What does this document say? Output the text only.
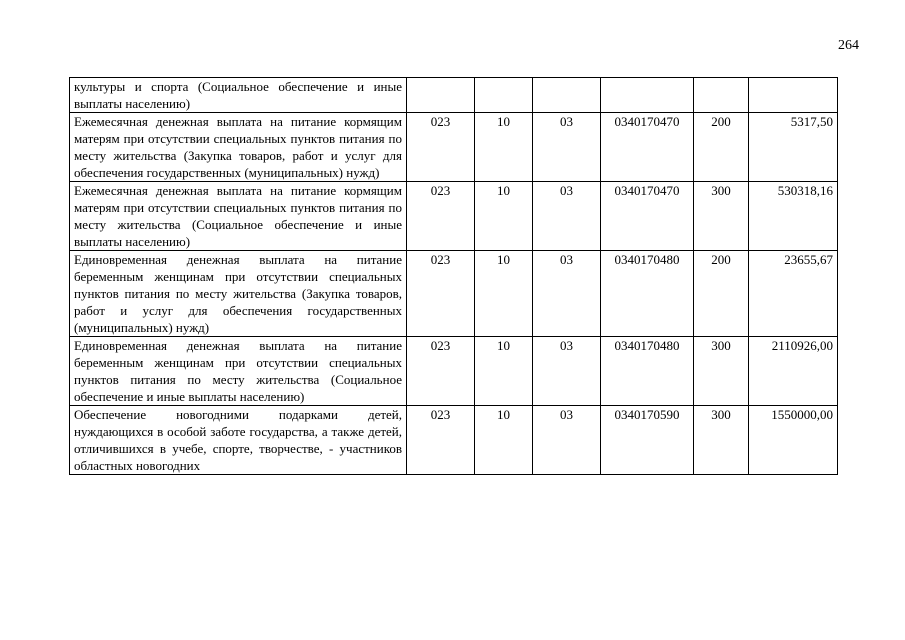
264
культуры и спорта (Социальное обеспечение и иные выплаты населению)						
Ежемесячная денежная выплата на питание кормящим матерям при отсутствии специальных пунктов питания по месту жительства (Закупка товаров, работ и услуг для обеспечения государственных (муниципальных) нужд)	023	10	03	0340170470	200	5317,50
Ежемесячная денежная выплата на питание кормящим матерям при отсутствии специальных пунктов питания по месту жительства (Социальное обеспечение и иные выплаты населению)	023	10	03	0340170470	300	530318,16
Единовременная денежная выплата на питание беременным женщинам при отсутствии специальных пунктов питания по месту жительства (Закупка товаров, работ и услуг для обеспечения государственных (муниципальных) нужд)	023	10	03	0340170480	200	23655,67
Единовременная денежная выплата на питание беременным женщинам при отсутствии специальных пунктов питания по месту жительства (Социальное обеспечение и иные выплаты населению)	023	10	03	0340170480	300	2110926,00
Обеспечение новогодними подарками детей, нуждающихся в особой заботе государства, а также детей, отличившихся в учебе, спорте, творчестве, - участников областных новогодних	023	10	03	0340170590	300	1550000,00
